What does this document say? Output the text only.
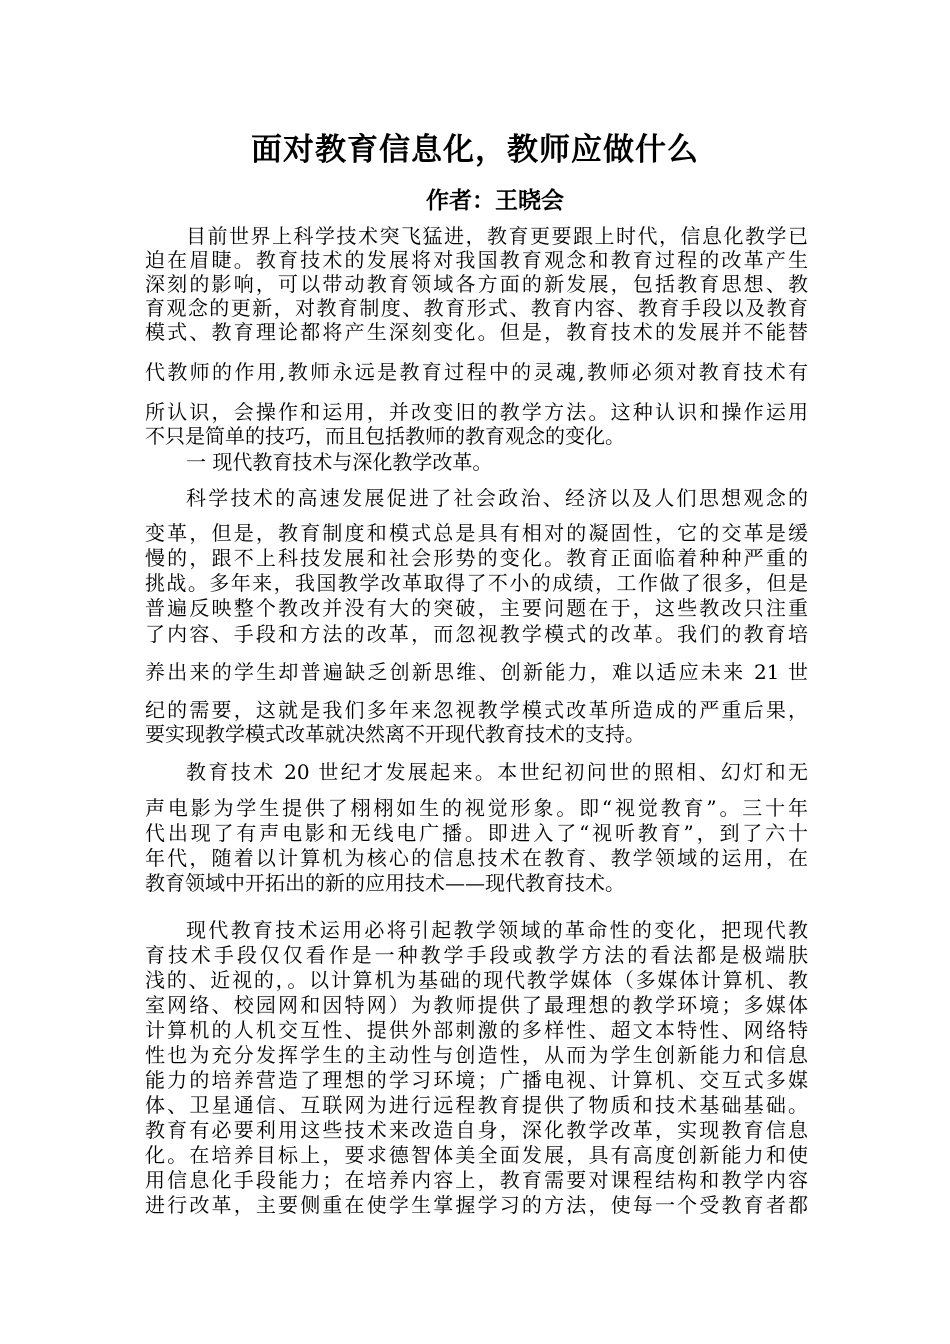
面对教育信息化，教师应做什么
作者：王晓会
目前世界上科学技术突飞猛进，教育更要跟上时代，信息化教学已
迫在眉睫。教育技术的发展将对我国教育观念和教育过程的改革产生
深刻的影响，可以带动教育领域各方面的新发展，包括教育思想、教
育观念的更新，对教育制度、教育形式、教育内容、教育手段以及教育
模式、教育理论都将产生深刻变化。但是，教育技术的发展并不能替
代教师的作用,教师永远是教育过程中的灵魂,教师必须对教育技术有
所认识，会操作和运用，并改变旧的教学方法。这种认识和操作运用
不只是简单的技巧，而且包括教师的教育观念的变化。
一 现代教育技术与深化教学改革。
科学技术的高速发展促进了社会政治、经济以及人们思想观念的
变革，但是，教育制度和模式总是具有相对的凝固性，它的交革是缓
慢的，跟不上科技发展和社会形势的变化。教育正面临着种种严重的
挑战。多年来，我国教学改革取得了不小的成绩，工作做了很多，但是
普遍反映整个教改并没有大的突破，主要问题在于，这些教改只注重
了内容、手段和方法的改革，而忽视教学模式的改革。我们的教育培
养出来的学生却普遍缺乏创新思维、创新能力，难以适应未来 21 世
纪的需要，这就是我们多年来忽视教学模式改革所造成的严重后果，
要实现教学模式改革就决然离不开现代教育技术的支持。
教育技术 20 世纪才发展起来。本世纪初问世的照相、幻灯和无
声电影为学生提供了栩栩如生的视觉形象。即“视觉教育”。三十年
代出现了有声电影和无线电广播。即进入了“视听教育”，到了六十
年代，随着以计算机为核心的信息技术在教育、教学领域的运用，在
教育领域中开拓出的新的应用技术——现代教育技术。
现代教育技术运用必将引起教学领域的革命性的变化，把现代教
育技术手段仅仅看作是一种教学手段或教学方法的看法都是极端肤
浅的、近视的，。以计算机为基础的现代教学媒体（多媒体计算机、教
室网络、校园网和因特网）为教师提供了最理想的教学环境；多媒体
计算机的人机交互性、提供外部刺激的多样性、超文本特性、网络特
性也为充分发挥学生的主动性与创造性，从而为学生创新能力和信息
能力的培养营造了理想的学习环境；广播电视、计算机、交互式多媒
体、卫星通信、互联网为进行远程教育提供了物质和技术基础基础。
教育有必要利用这些技术来改造自身，深化教学改革，实现教育信息
化。在培养目标上，要求德智体美全面发展，具有高度创新能力和使
用信息化手段能力；在培养内容上，教育需要对课程结构和教学内容
进行改革，主要侧重在使学生掌握学习的方法，使每一个受教育者都
